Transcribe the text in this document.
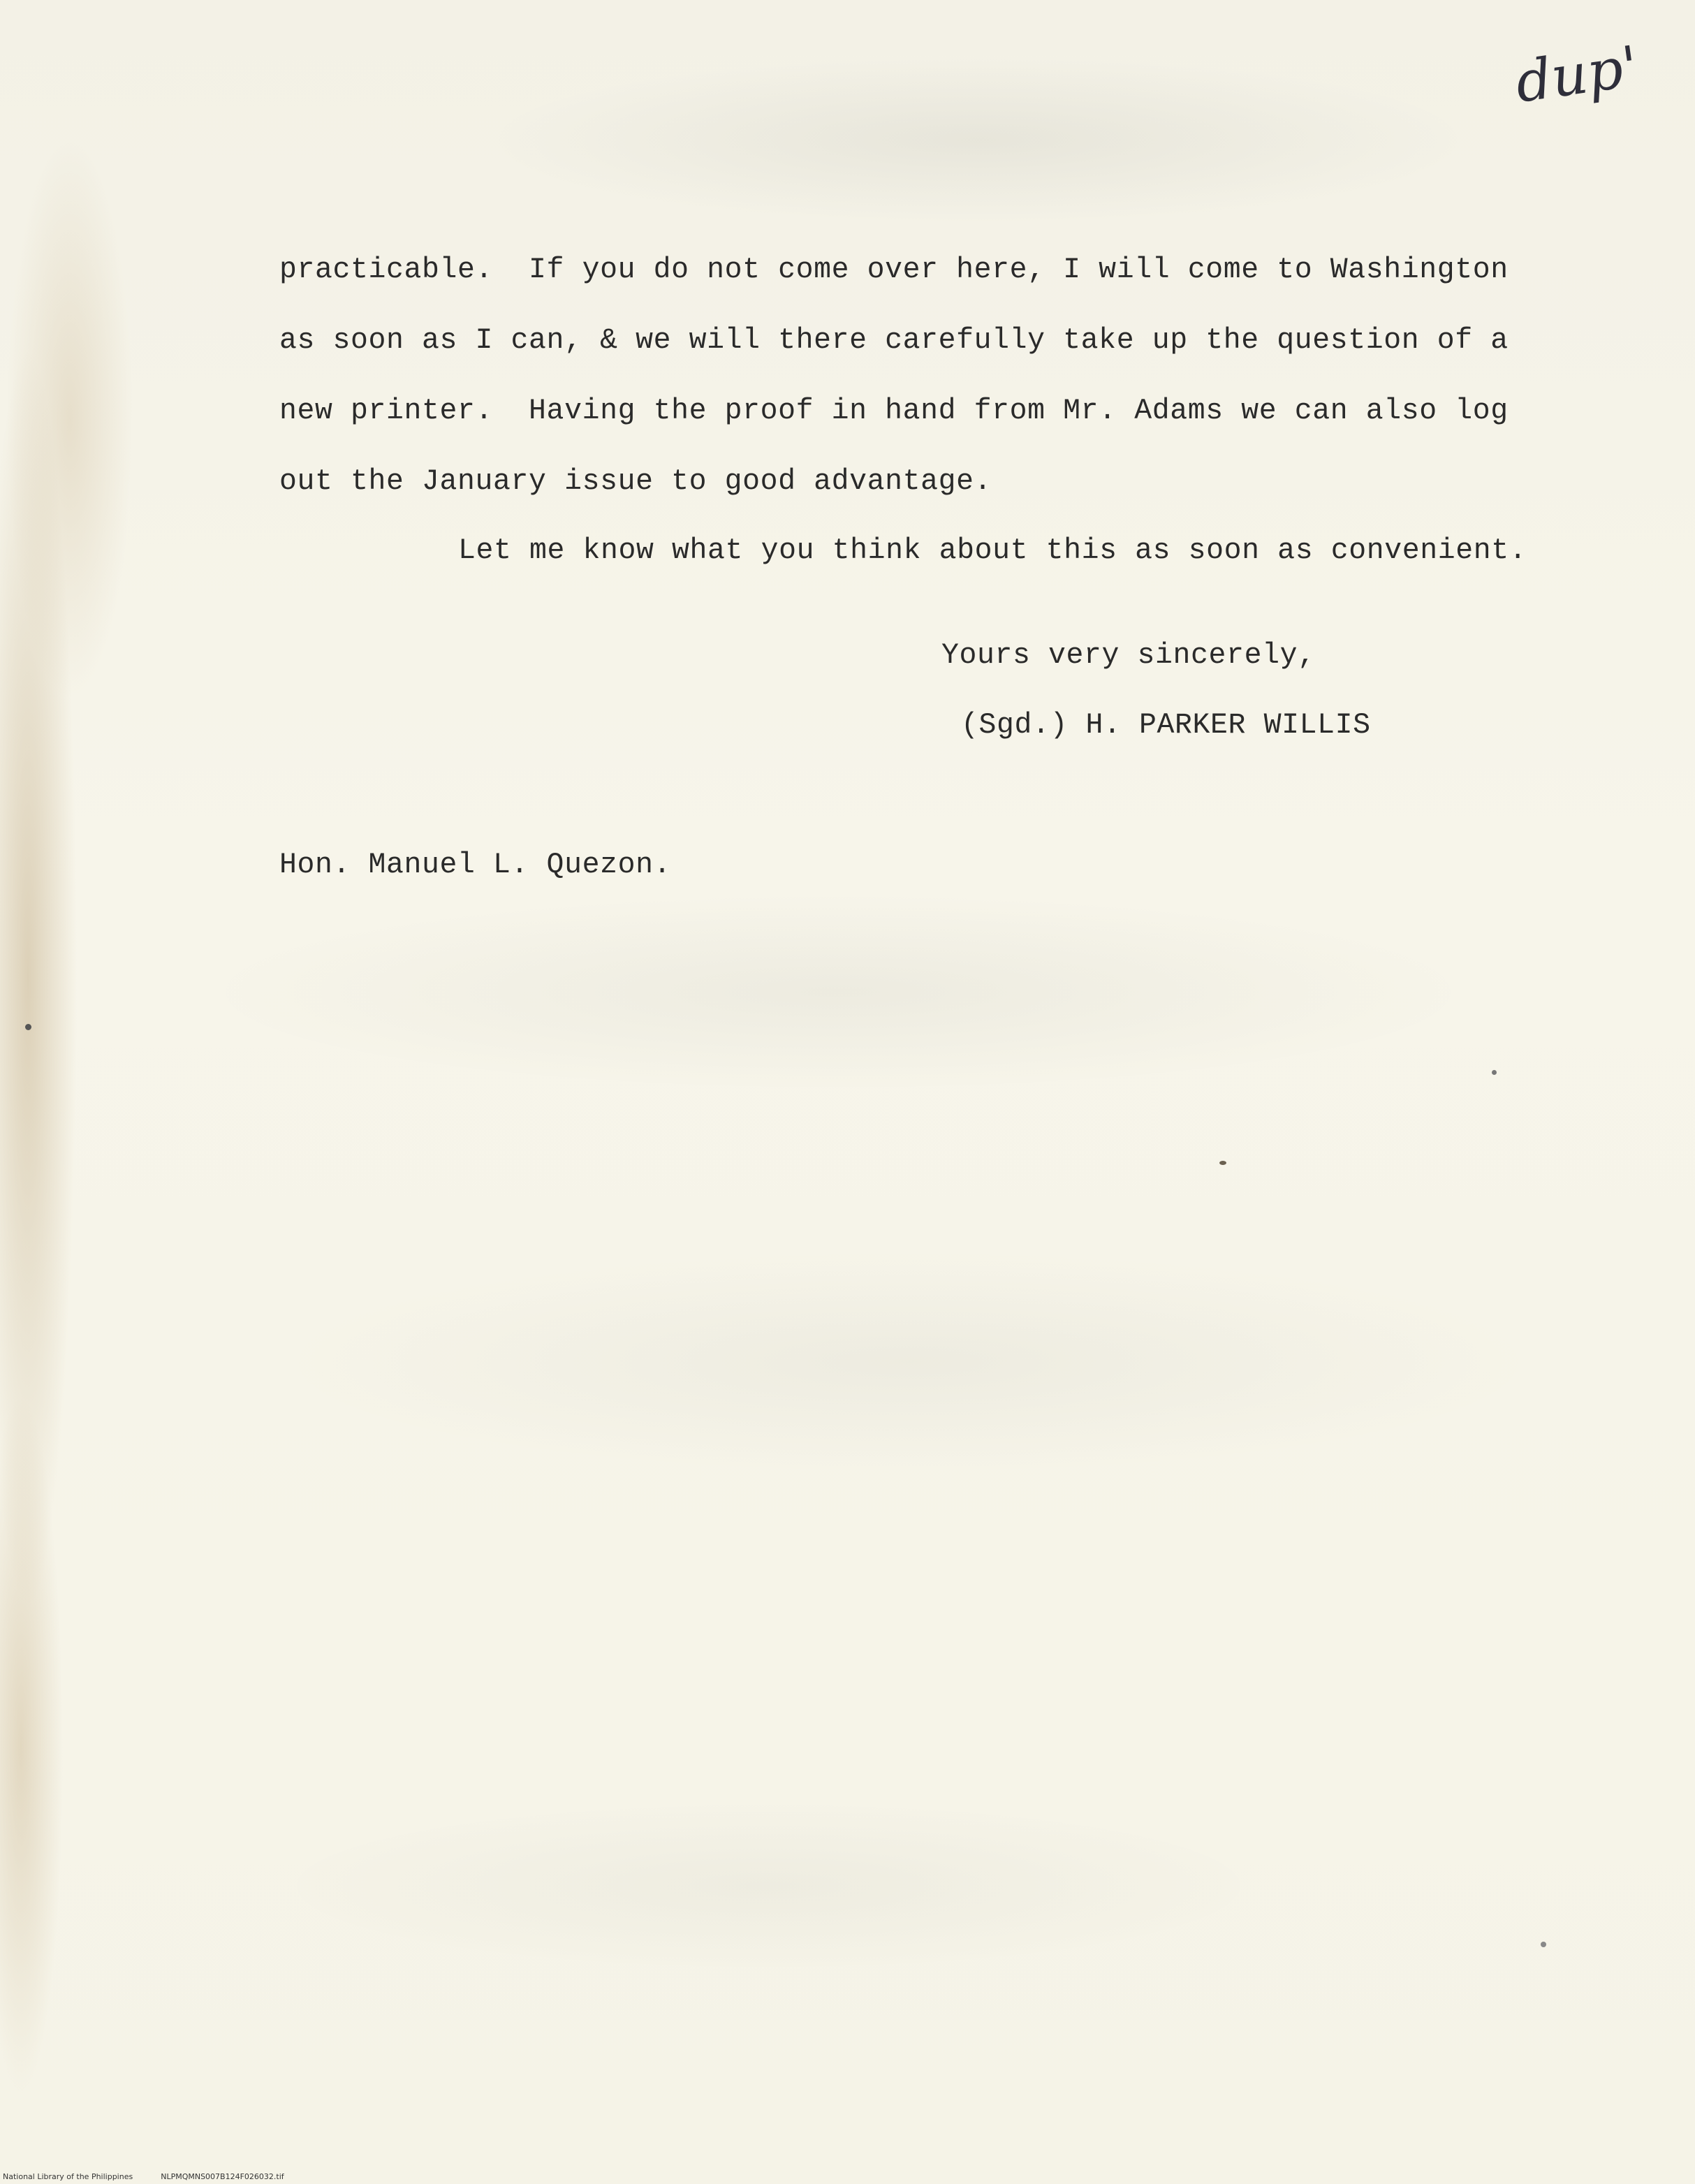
dup'
practicable.  If you do not come over here, I will come to Washington
as soon as I can, & we will there carefully take up the question of a
new printer.  Having the proof in hand from Mr. Adams we can also log
out the January issue to good advantage.
Let me know what you think about this as soon as convenient.
Yours very sincerely,
(Sgd.) H. PARKER WILLIS
Hon. Manuel L. Quezon.
National Library of the Philippines	NLPMQMNS007B124F026032.tif
